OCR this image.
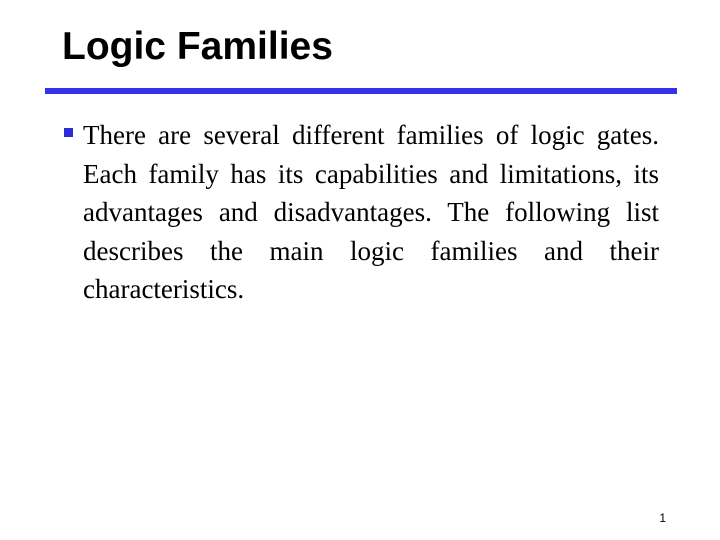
Logic Families
There are several different families of logic gates. Each family has its capabilities and limitations, its advantages and disadvantages. The following list describes the main logic families and their characteristics.
1
